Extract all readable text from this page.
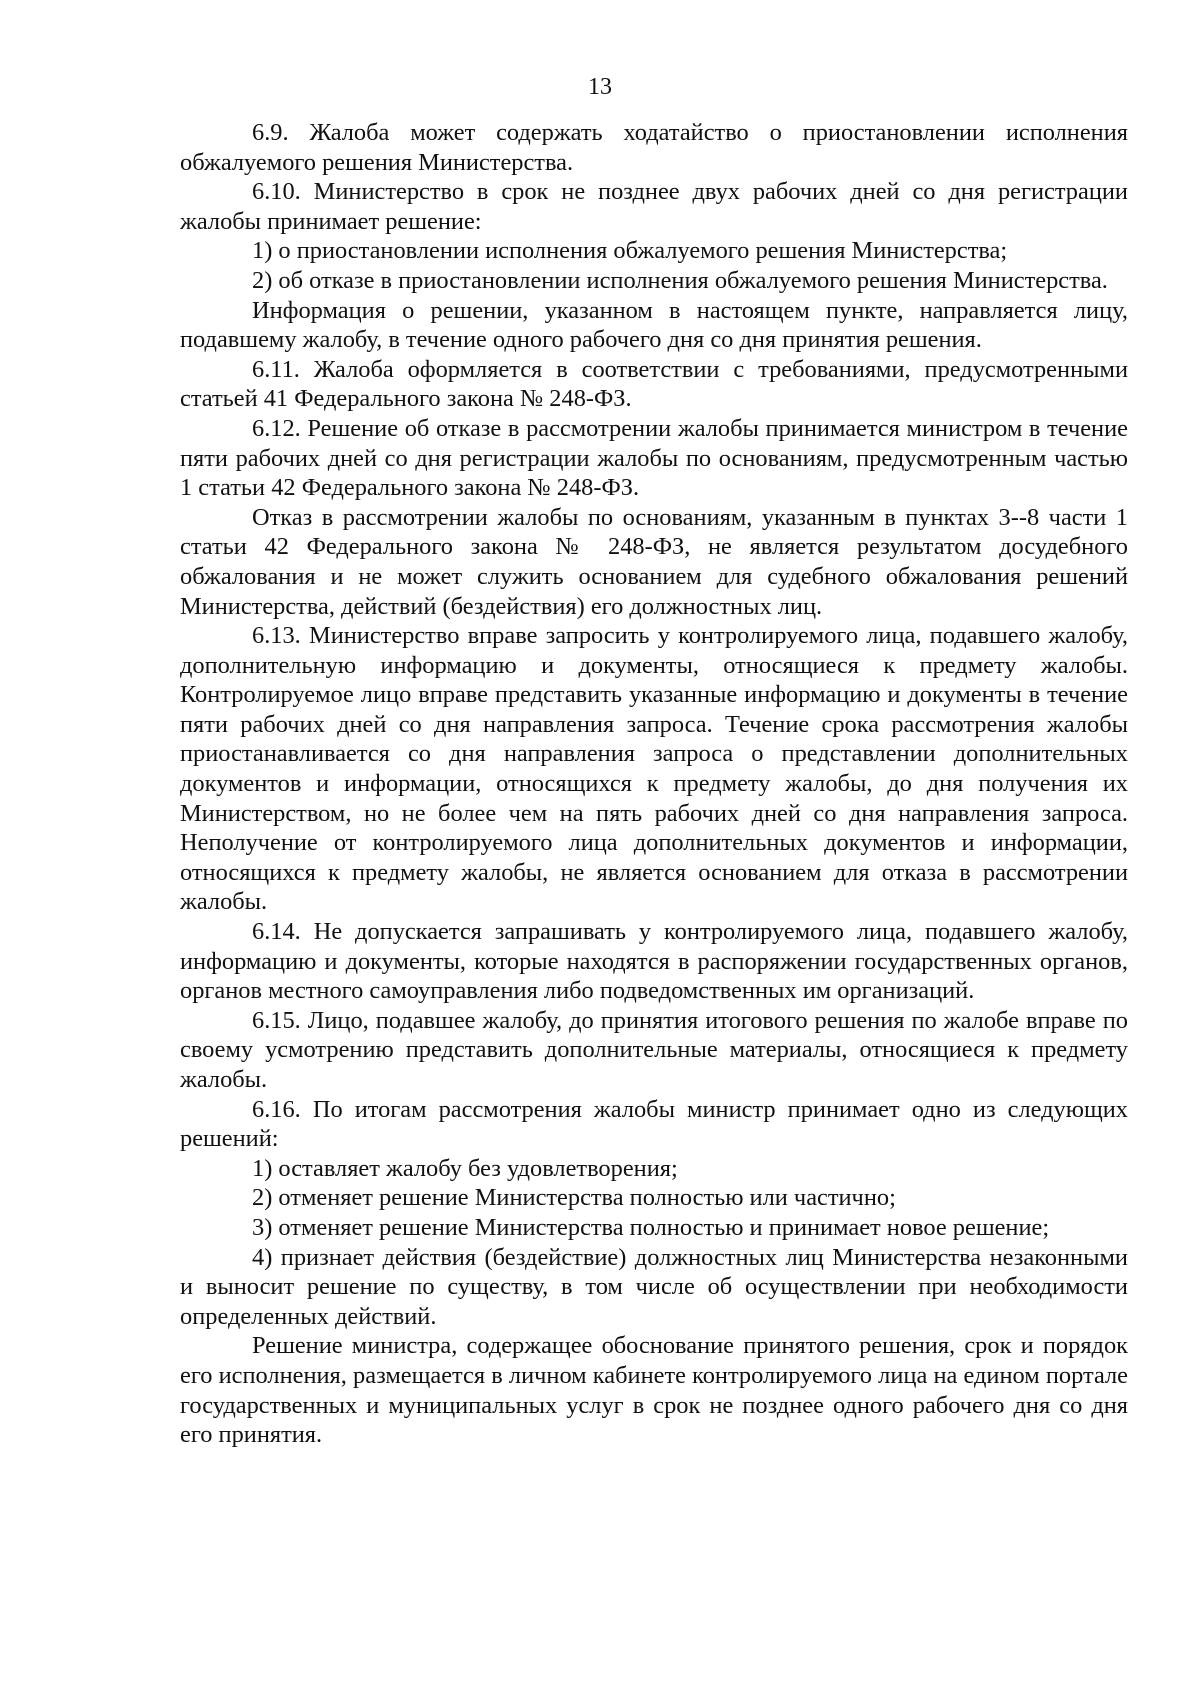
13

6.9. Жалоба может содержать ходатайство о приостановлении исполнения обжалуемого решения Министерства.

6.10. Министерство в срок не позднее двух рабочих дней со дня регистрации жалобы принимает решение:

1) о приостановлении исполнения обжалуемого решения Министерства;

2) об отказе в приостановлении исполнения обжалуемого решения Министерства.

Информация о решении, указанном в настоящем пункте, направляется лицу, подавшему жалобу, в течение одного рабочего дня со дня принятия решения.

6.11. Жалоба оформляется в соответствии с требованиями, предусмотренными статьей 41 Федерального закона № 248-ФЗ.

6.12. Решение об отказе в рассмотрении жалобы принимается министром в течение пяти рабочих дней со дня регистрации жалобы по основаниям, предусмотренным частью 1 статьи 42 Федерального закона № 248-ФЗ.

Отказ в рассмотрении жалобы по основаниям, указанным в пунктах 3--8 части 1 статьи 42 Федерального закона № 248-ФЗ, не является результатом досудебного обжалования и не может служить основанием для судебного обжалования решений Министерства, действий (бездействия) его должностных лиц.

6.13. Министерство вправе запросить у контролируемого лица, подавшего жалобу, дополнительную информацию и документы, относящиеся к предмету жалобы. Контролируемое лицо вправе представить указанные информацию и документы в течение пяти рабочих дней со дня направления запроса. Течение срока рассмотрения жалобы приостанавливается со дня направления запроса о представлении дополнительных документов и информации, относящихся к предмету жалобы, до дня получения их Министерством, но не более чем на пять рабочих дней со дня направления запроса. Неполучение от контролируемого лица дополнительных документов и информации, относящихся к предмету жалобы, не является основанием для отказа в рассмотрении жалобы.

6.14. Не допускается запрашивать у контролируемого лица, подавшего жалобу, информацию и документы, которые находятся в распоряжении государственных органов, органов местного самоуправления либо подведомственных им организаций.

6.15. Лицо, подавшее жалобу, до принятия итогового решения по жалобе вправе по своему усмотрению представить дополнительные материалы, относящиеся к предмету жалобы.

6.16. По итогам рассмотрения жалобы министр принимает одно из следующих решений:

1) оставляет жалобу без удовлетворения;

2) отменяет решение Министерства полностью или частично;

3) отменяет решение Министерства полностью и принимает новое решение;

4) признает действия (бездействие) должностных лиц Министерства незаконными и выносит решение по существу, в том числе об осуществлении при необходимости определенных действий.

Решение министра, содержащее обоснование принятого решения, срок и порядок его исполнения, размещается в личном кабинете контролируемого лица на едином портале государственных и муниципальных услуг в срок не позднее одного рабочего дня со дня его принятия.
